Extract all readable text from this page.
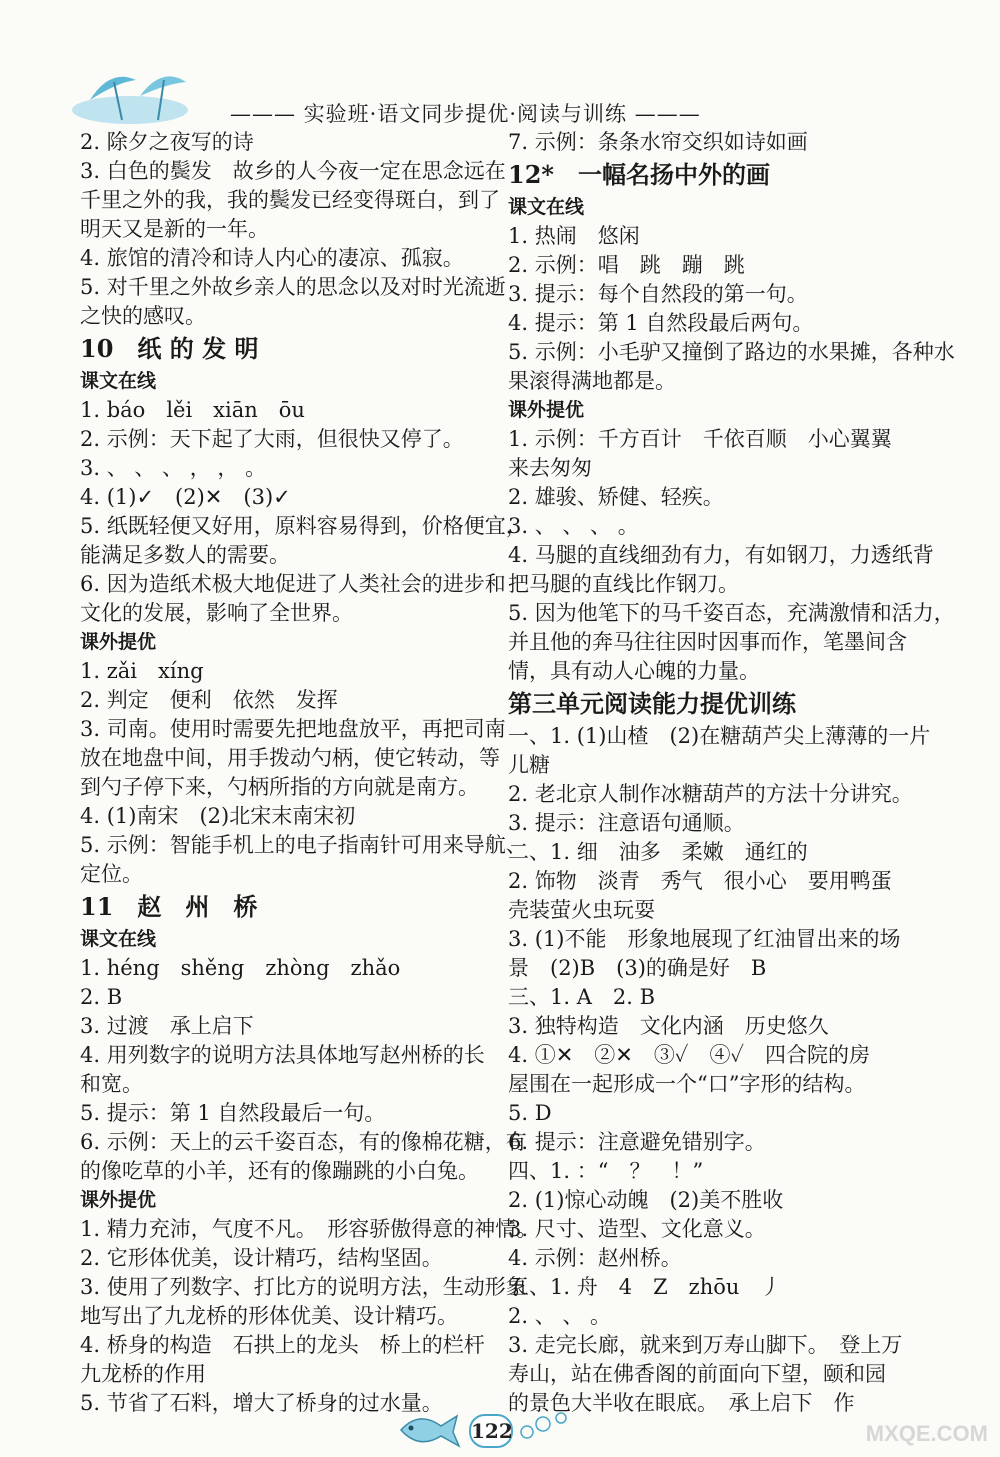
——— 实验班·语文同步提优·阅读与训练 ———
2. 除夕之夜写的诗
3. 白色的鬓发　故乡的人今夜一定在思念远在
千里之外的我，我的鬓发已经变得斑白，到了
明天又是新的一年。
4. 旅馆的清冷和诗人内心的凄凉、孤寂。
5. 对千里之外故乡亲人的思念以及对时光流逝
之快的感叹。
10　纸 的 发 明
课文在线
1. báo　lěi　xiān　ōu
2. 示例：天下起了大雨，但很快又停了。
3. 、 、 、 ， ， 。
4. (1)✓　(2)✕　(3)✓
5. 纸既轻便又好用，原料容易得到，价格便宜，
能满足多数人的需要。
6. 因为造纸术极大地促进了人类社会的进步和
文化的发展，影响了全世界。
课外提优
1. zǎi　xíng
2. 判定　便利　依然　发挥
3. 司南。使用时需要先把地盘放平，再把司南
放在地盘中间，用手拨动勺柄，使它转动，等
到勺子停下来，勺柄所指的方向就是南方。
4. (1)南宋　(2)北宋末南宋初
5. 示例：智能手机上的电子指南针可用来导航、
定位。
11　赵　州　桥
课文在线
1. héng　shěng　zhòng　zhǎo
2. B
3. 过渡　承上启下
4. 用列数字的说明方法具体地写赵州桥的长
和宽。
5. 提示：第 1 自然段最后一句。
6. 示例：天上的云千姿百态，有的像棉花糖，有
的像吃草的小羊，还有的像蹦跳的小白兔。
课外提优
1. 精力充沛，气度不凡。　形容骄傲得意的神情。
2. 它形体优美，设计精巧，结构坚固。
3. 使用了列数字、打比方的说明方法，生动形象
地写出了九龙桥的形体优美、设计精巧。
4. 桥身的构造　石拱上的龙头　桥上的栏杆
九龙桥的作用
5. 节省了石料，增大了桥身的过水量。
7. 示例：条条水帘交织如诗如画
12*　一幅名扬中外的画
课文在线
1. 热闹　悠闲
2. 示例：唱　跳　蹦　跳
3. 提示：每个自然段的第一句。
4. 提示：第 1 自然段最后两句。
5. 示例：小毛驴又撞倒了路边的水果摊，各种水
果滚得满地都是。
课外提优
1. 示例：千方百计　千依百顺　小心翼翼
来去匆匆
2. 雄骏、矫健、轻疾。
3. 、 、 、 。
4. 马腿的直线细劲有力，有如钢刀，力透纸背
把马腿的直线比作钢刀。
5. 因为他笔下的马千姿百态，充满激情和活力，
并且他的奔马往往因时因事而作，笔墨间含
情，具有动人心魄的力量。
第三单元阅读能力提优训练
一、1. (1)山楂　(2)在糖葫芦尖上薄薄的一片
儿糖
2. 老北京人制作冰糖葫芦的方法十分讲究。
3. 提示：注意语句通顺。
二、1. 细　油多　柔嫩　通红的
2. 饰物　淡青　秀气　很小心　要用鸭蛋
壳装萤火虫玩耍
3. (1)不能　形象地展现了红油冒出来的场
景　(2)B　(3)的确是好　B
三、1. A　2. B
3. 独特构造　文化内涵　历史悠久
4. ①✕　②✕　③✓　④✓　四合院的房
屋围在一起形成一个“口”字形的结构。
5. D
6. 提示：注意避免错别字。
四、1. ：“　？　！”
2. (1)惊心动魄　(2)美不胜收
3. 尺寸、造型、文化意义。
4. 示例：赵州桥。
五、1. 舟　4　Z　zhōu　丿
2. 、 、 。
3. 走完长廊，就来到万寿山脚下。　登上万
寿山，站在佛香阁的前面向下望，颐和园
的景色大半收在眼底。　承上启下　作
122	MXQE.COM
